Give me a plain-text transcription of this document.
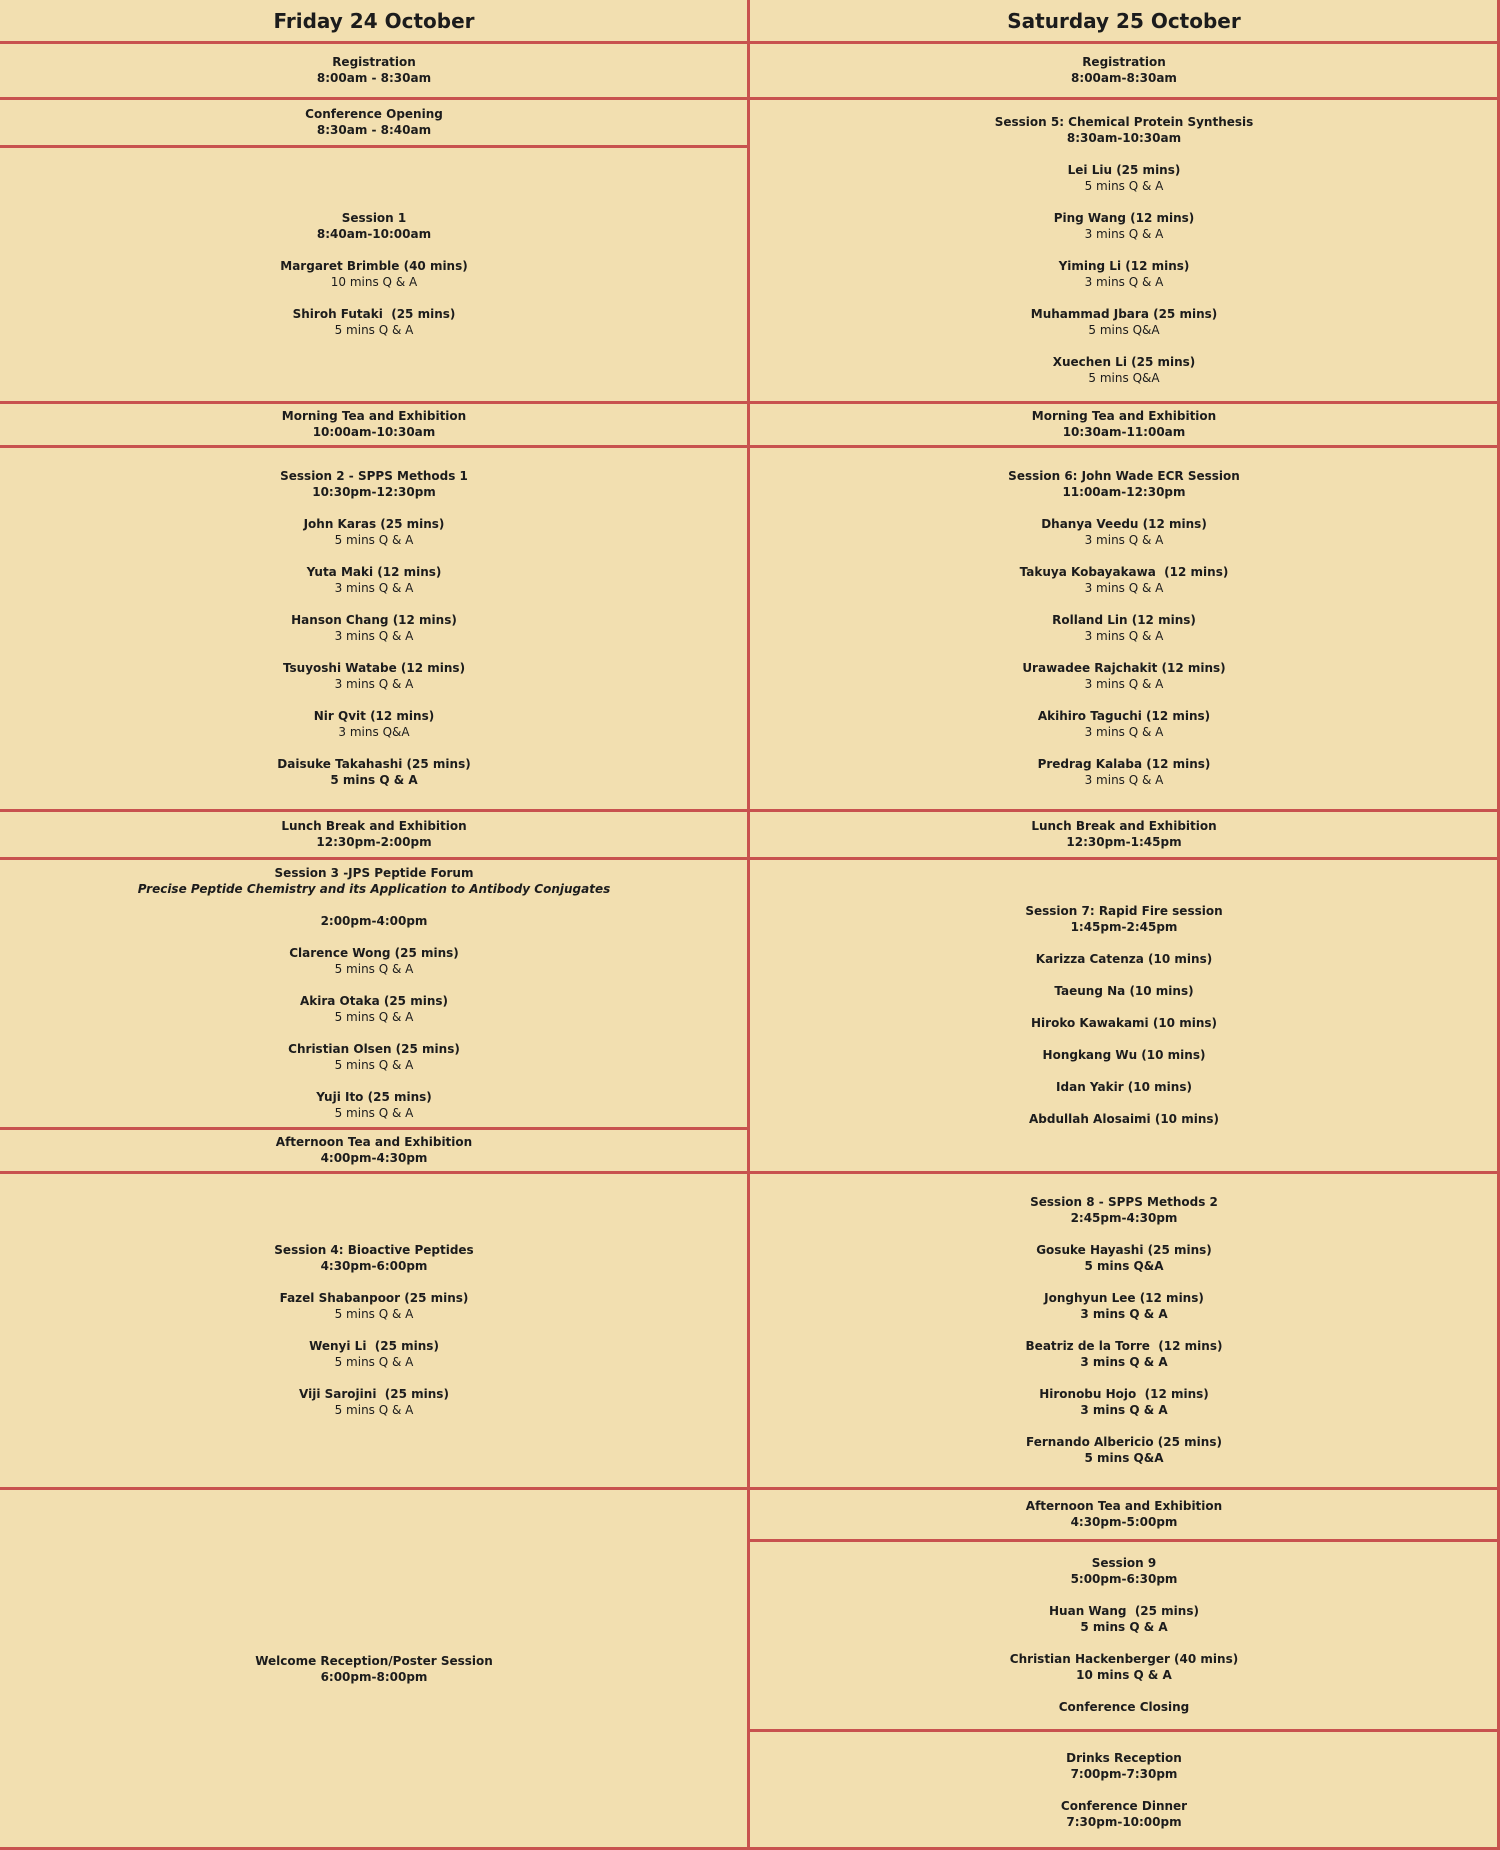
Friday 24 October
Registration
8:00am - 8:30am
Conference Opening
8:30am - 8:40am
Session 1
8:40am-10:00am
Margaret Brimble (40 mins)
10 mins Q & A
Shiroh Futaki  (25 mins)
5 mins Q & A
Morning Tea and Exhibition
10:00am-10:30am
Session 2 - SPPS Methods 1
10:30pm-12:30pm
John Karas (25 mins)
5 mins Q & A
Yuta Maki (12 mins)
3 mins Q & A
Hanson Chang (12 mins)
3 mins Q & A
Tsuyoshi Watabe (12 mins)
3 mins Q & A
Nir Qvit (12 mins)
3 mins Q&A
Daisuke Takahashi (25 mins)
5 mins Q & A
Lunch Break and Exhibition
12:30pm-2:00pm
Session 3 -JPS Peptide Forum
Precise Peptide Chemistry and its Application to Antibody Conjugates
2:00pm-4:00pm
Clarence Wong (25 mins)
5 mins Q & A
Akira Otaka (25 mins)
5 mins Q & A
Christian Olsen (25 mins)
5 mins Q & A
Yuji Ito (25 mins)
5 mins Q & A
Afternoon Tea and Exhibition
4:00pm-4:30pm
Session 4: Bioactive Peptides
4:30pm-6:00pm
Fazel Shabanpoor (25 mins)
5 mins Q & A
Wenyi Li  (25 mins)
5 mins Q & A
Viji Sarojini  (25 mins)
5 mins Q & A
Welcome Reception/Poster Session
6:00pm-8:00pm
Saturday 25 October
Registration
8:00am-8:30am
Session 5: Chemical Protein Synthesis
8:30am-10:30am
Lei Liu (25 mins)
5 mins Q & A
Ping Wang (12 mins)
3 mins Q & A
Yiming Li (12 mins)
3 mins Q & A
Muhammad Jbara (25 mins)
5 mins Q&A
Xuechen Li (25 mins)
5 mins Q&A
Morning Tea and Exhibition
10:30am-11:00am
Session 6: John Wade ECR Session
11:00am-12:30pm
Dhanya Veedu (12 mins)
3 mins Q & A
Takuya Kobayakawa  (12 mins)
3 mins Q & A
Rolland Lin (12 mins)
3 mins Q & A
Urawadee Rajchakit (12 mins)
3 mins Q & A
Akihiro Taguchi (12 mins)
3 mins Q & A
Predrag Kalaba (12 mins)
3 mins Q & A
Lunch Break and Exhibition
12:30pm-1:45pm
Session 7: Rapid Fire session
1:45pm-2:45pm
Karizza Catenza (10 mins)
Taeung Na (10 mins)
Hiroko Kawakami (10 mins)
Hongkang Wu (10 mins)
Idan Yakir (10 mins)
Abdullah Alosaimi (10 mins)
Session 8 - SPPS Methods 2
2:45pm-4:30pm
Gosuke Hayashi (25 mins)
5 mins Q&A
Jonghyun Lee (12 mins)
3 mins Q & A
Beatriz de la Torre  (12 mins)
3 mins Q & A
Hironobu Hojo  (12 mins)
3 mins Q & A
Fernando Albericio (25 mins)
5 mins Q&A
Afternoon Tea and Exhibition
4:30pm-5:00pm
Session 9
5:00pm-6:30pm
Huan Wang  (25 mins)
5 mins Q & A
Christian Hackenberger (40 mins)
10 mins Q & A
Conference Closing
Drinks Reception
7:00pm-7:30pm
Conference Dinner
7:30pm-10:00pm
